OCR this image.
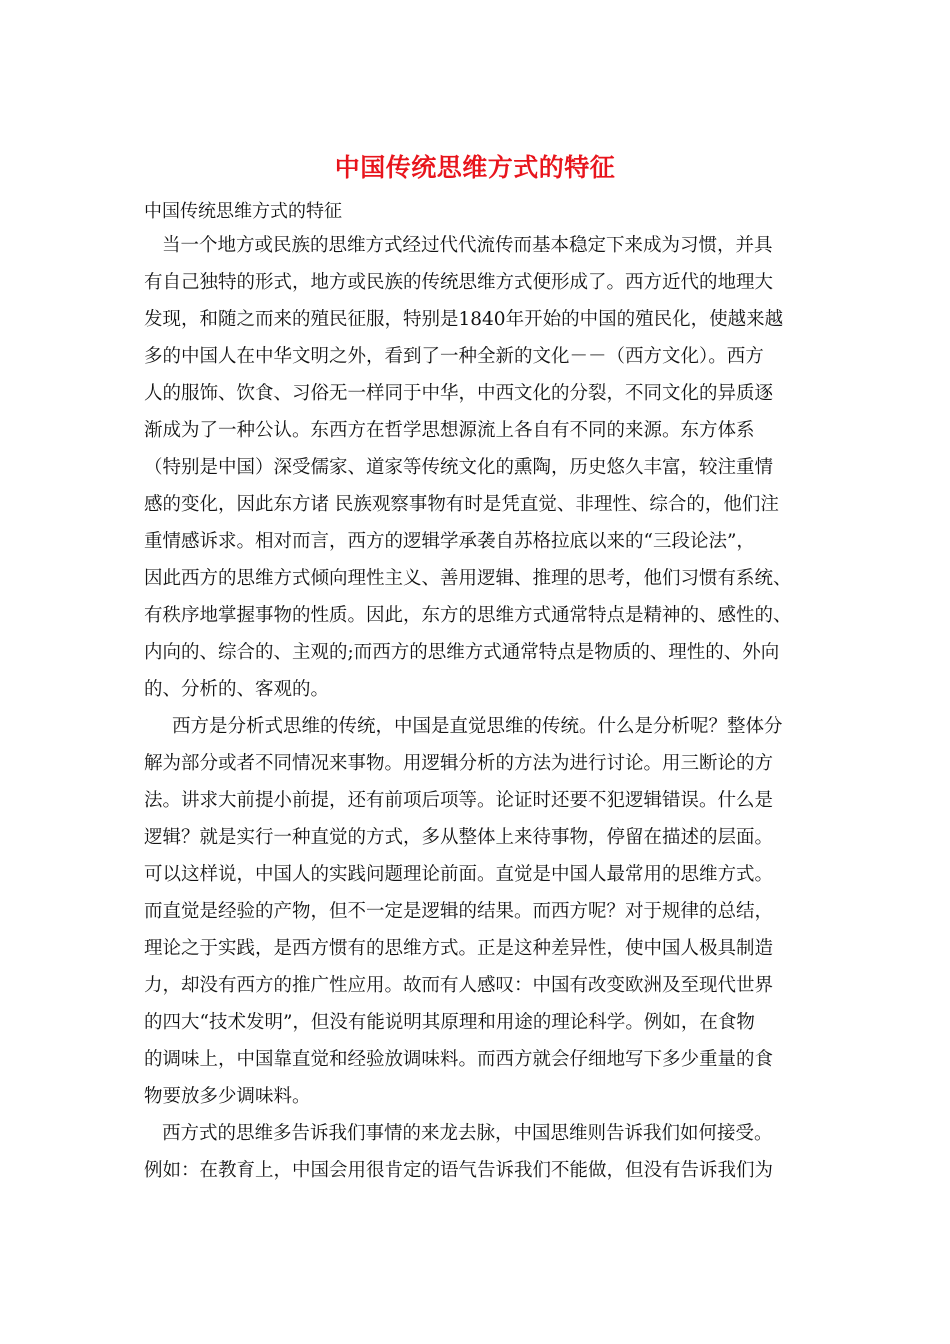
中国传统思维方式的特征
中国传统思维方式的特征
当一个地方或民族的思维方式经过代代流传而基本稳定下来成为习惯，并具
有自己独特的形式，地方或民族的传统思维方式便形成了。西方近代的地理大
发现，和随之而来的殖民征服，特别是1840年开始的中国的殖民化，使越来越
多的中国人在中华文明之外，看到了一种全新的文化－－（西方文化）。西方
人的服饰、饮食、习俗无一样同于中华，中西文化的分裂，不同文化的异质逐
渐成为了一种公认。东西方在哲学思想源流上各自有不同的来源。东方体系
（特别是中国）深受儒家、道家等传统文化的熏陶，历史悠久丰富，较注重情
感的变化，因此东方诸 民族观察事物有时是凭直觉、非理性、综合的，他们注
重情感诉求。相对而言，西方的逻辑学承袭自苏格拉底以来的“三段论法”，
因此西方的思维方式倾向理性主义、善用逻辑、推理的思考，他们习惯有系统、
有秩序地掌握事物的性质。因此，东方的思维方式通常特点是精神的、感性的、
内向的、综合的、主观的;而西方的思维方式通常特点是物质的、理性的、外向
的、分析的、客观的。
西方是分析式思维的传统，中国是直觉思维的传统。什么是分析呢？整体分
解为部分或者不同情况来事物。用逻辑分析的方法为进行讨论。用三断论的方
法。讲求大前提小前提，还有前项后项等。论证时还要不犯逻辑错误。什么是
逻辑？就是实行一种直觉的方式，多从整体上来待事物，停留在描述的层面。
可以这样说，中国人的实践问题理论前面。直觉是中国人最常用的思维方式。
而直觉是经验的产物，但不一定是逻辑的结果。而西方呢？对于规律的总结，
理论之于实践，是西方惯有的思维方式。正是这种差异性，使中国人极具制造
力，却没有西方的推广性应用。故而有人感叹：中国有改变欧洲及至现代世界
的四大“技术发明”，但没有能说明其原理和用途的理论科学。例如，在食物
的调味上，中国靠直觉和经验放调味料。而西方就会仔细地写下多少重量的食
物要放多少调味料。
西方式的思维多告诉我们事情的来龙去脉，中国思维则告诉我们如何接受。
例如：在教育上，中国会用很肯定的语气告诉我们不能做，但没有告诉我们为
